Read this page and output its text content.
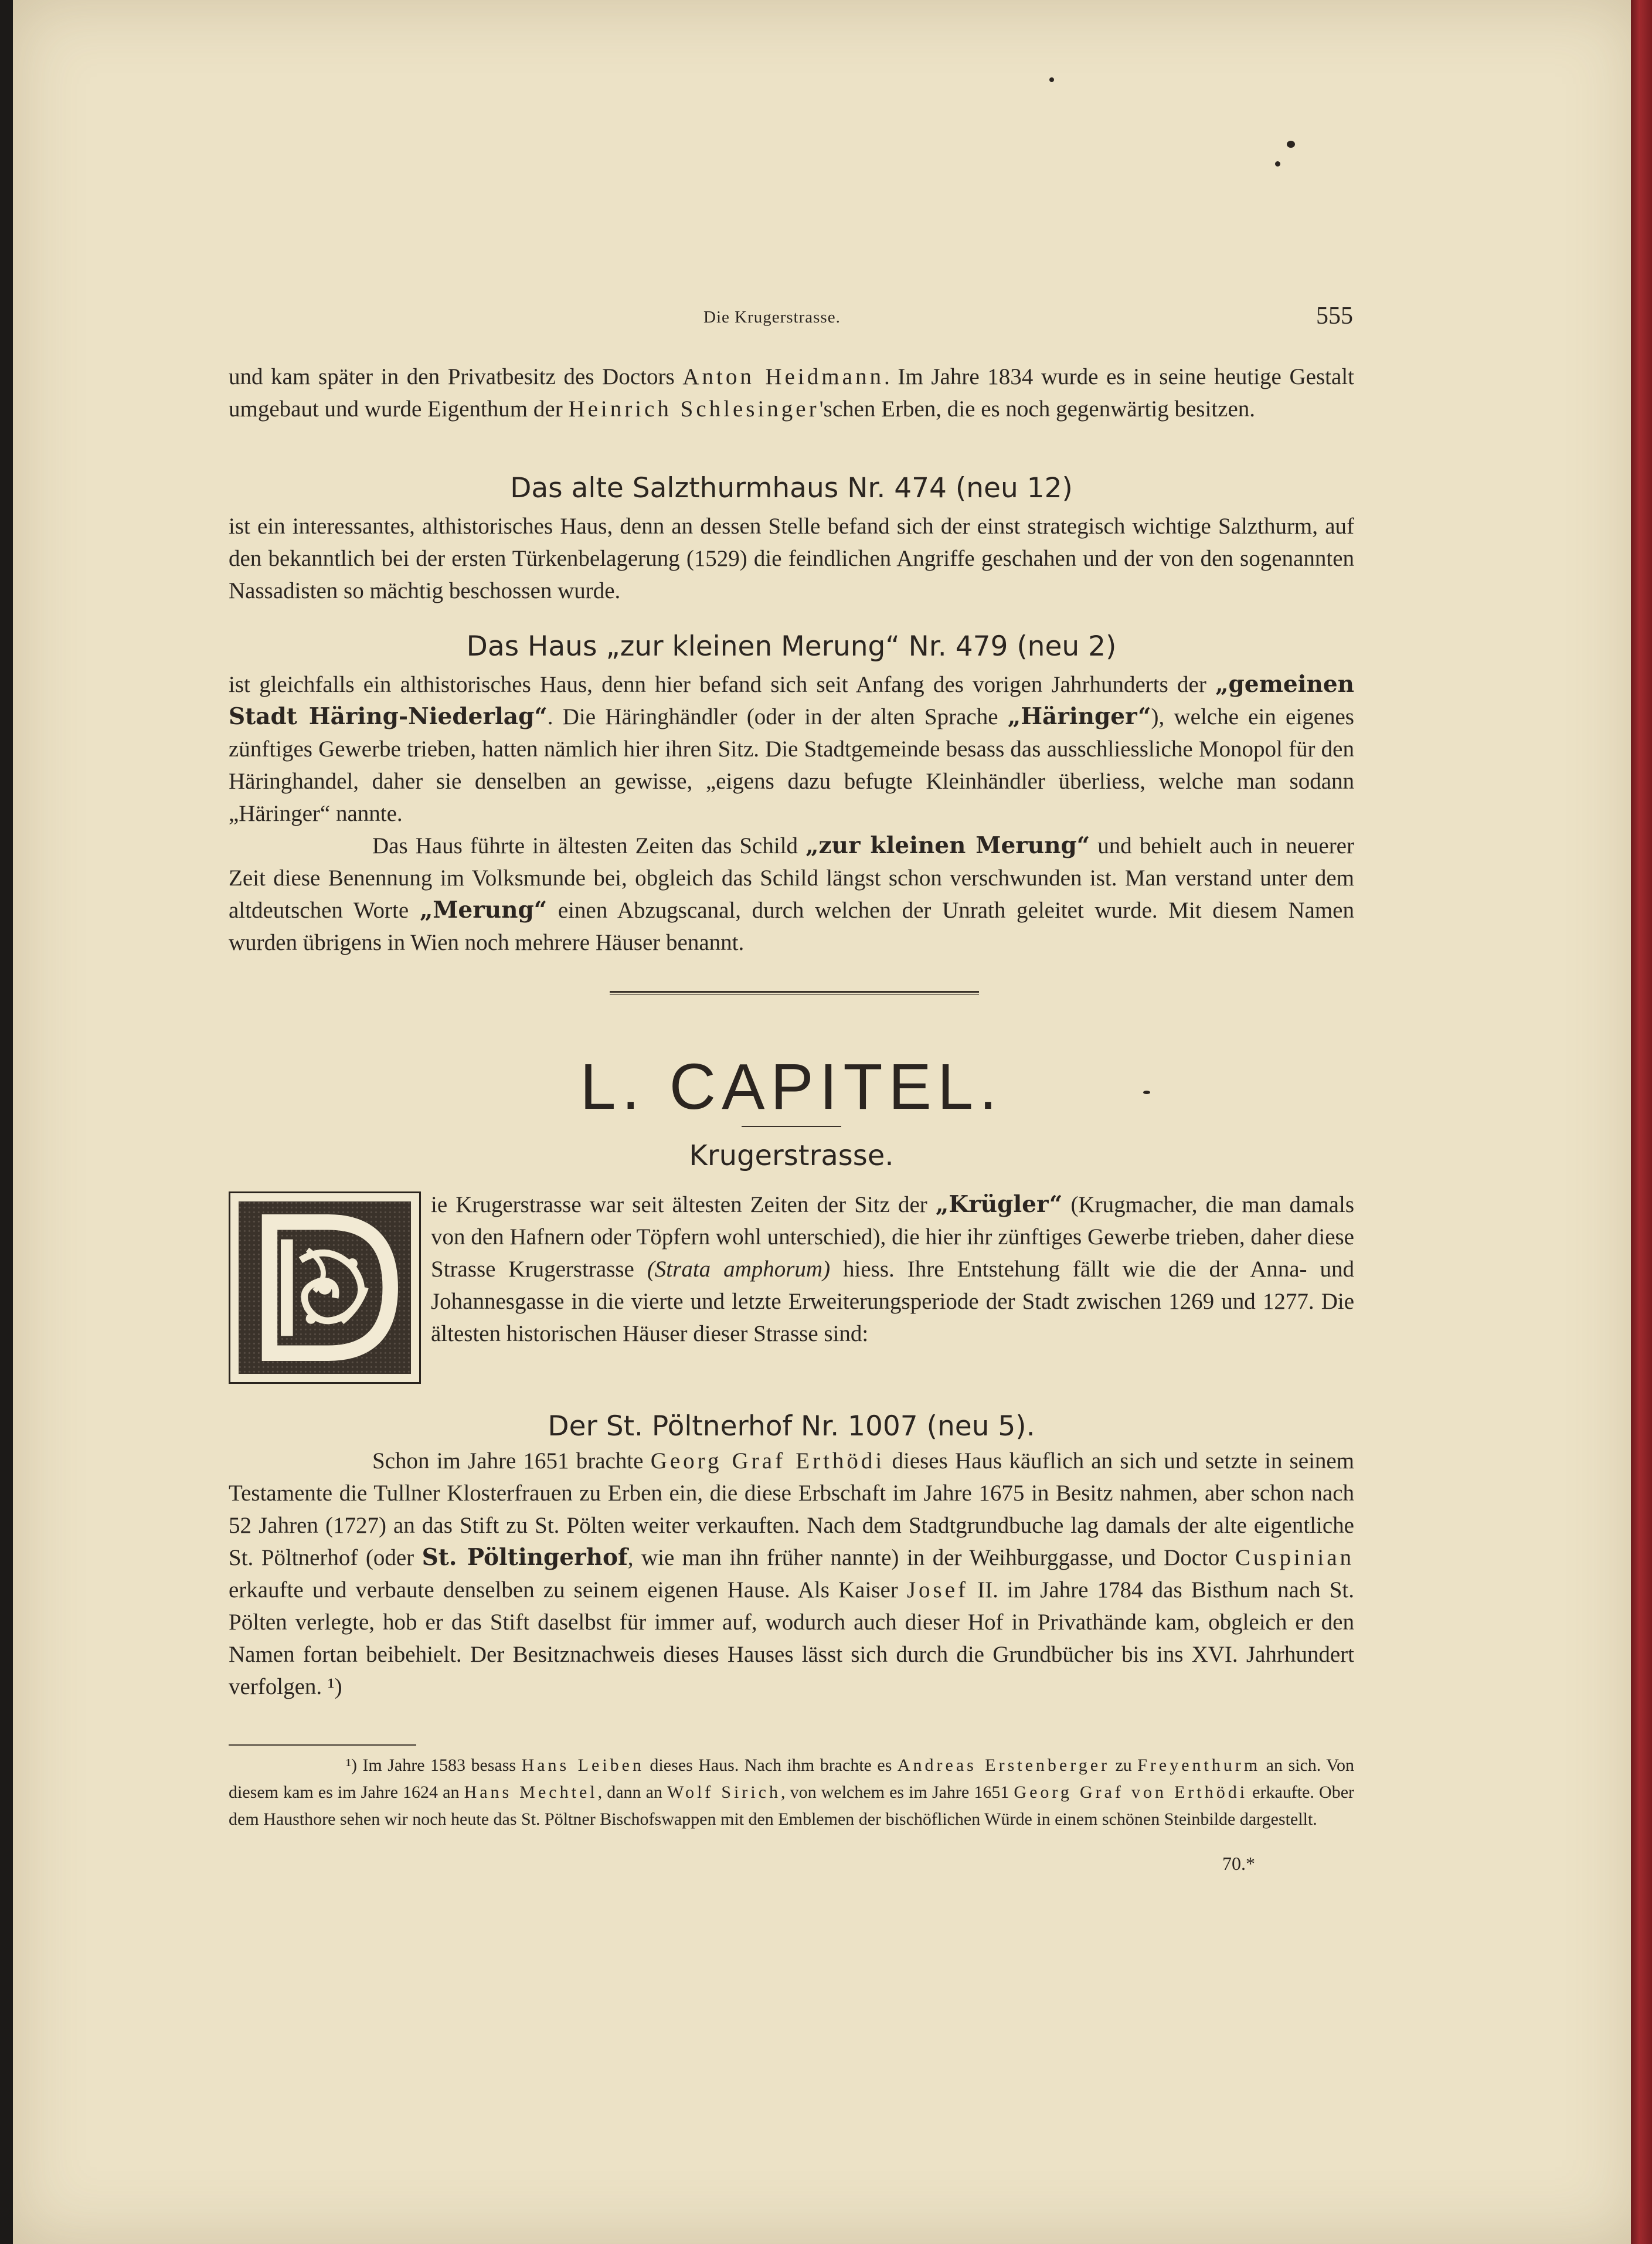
Die Krugerstrasse.	555

und kam später in den Privatbesitz des Doctors Anton Heidmann. Im Jahre 1834 wurde es in seine heutige Gestalt umgebaut und wurde Eigenthum der Heinrich Schlesinger'schen Erben, die es noch gegenwärtig besitzen.

Das alte Salzthurmhaus Nr. 474 (neu 12)

ist ein interessantes, althistorisches Haus, denn an dessen Stelle befand sich der einst strategisch wichtige Salzthurm, auf den bekanntlich bei der ersten Türkenbelagerung (1529) die feindlichen Angriffe geschahen und der von den sogenannten Nassadisten so mächtig beschossen wurde.

Das Haus „zur kleinen Merung“ Nr. 479 (neu 2)

ist gleichfalls ein althistorisches Haus, denn hier befand sich seit Anfang des vorigen Jahrhunderts der „gemeinen Stadt Häring-Niederlag“. Die Häringhändler (oder in der alten Sprache „Häringer“), welche ein eigenes zünftiges Gewerbe trieben, hatten nämlich hier ihren Sitz. Die Stadtgemeinde besass das ausschliessliche Monopol für den Häringhandel, daher sie denselben an gewisse, „eigens dazu befugte Kleinhändler überliess, welche man sodann „Häringer“ nannte.

Das Haus führte in ältesten Zeiten das Schild „zur kleinen Merung“ und behielt auch in neuerer Zeit diese Benennung im Volksmunde bei, obgleich das Schild längst schon verschwunden ist. Man verstand unter dem altdeutschen Worte „Merung“ einen Abzugscanal, durch welchen der Unrath geleitet wurde. Mit diesem Namen wurden übrigens in Wien noch mehrere Häuser benannt.

L. CAPITEL.
Krugerstrasse.

ie Krugerstrasse war seit ältesten Zeiten der Sitz der „Krügler“ (Krugmacher, die man damals von den Hafnern oder Töpfern wohl unterschied), die hier ihr zünftiges Gewerbe trieben, daher diese Strasse Krugerstrasse (Strata amphorum) hiess. Ihre Entstehung fällt wie die der Anna- und Johannesgasse in die vierte und letzte Erweiterungsperiode der Stadt zwischen 1269 und 1277. Die ältesten historischen Häuser dieser Strasse sind:

Der St. Pöltnerhof Nr. 1007 (neu 5).

Schon im Jahre 1651 brachte Georg Graf Erthödi dieses Haus käuflich an sich und setzte in seinem Testamente die Tullner Klosterfrauen zu Erben ein, die diese Erbschaft im Jahre 1675 in Besitz nahmen, aber schon nach 52 Jahren (1727) an das Stift zu St. Pölten weiter verkauften. Nach dem Stadtgrundbuche lag damals der alte eigentliche St. Pöltnerhof (oder St. Pöltingerhof, wie man ihn früher nannte) in der Weihburggasse, und Doctor Cuspinian erkaufte und verbaute denselben zu seinem eigenen Hause. Als Kaiser Josef II. im Jahre 1784 das Bisthum nach St. Pölten verlegte, hob er das Stift daselbst für immer auf, wodurch auch dieser Hof in Privathände kam, obgleich er den Namen fortan beibehielt. Der Besitznachweis dieses Hauses lässt sich durch die Grundbücher bis ins XVI. Jahrhundert verfolgen. ¹)

¹) Im Jahre 1583 besass Hans Leiben dieses Haus. Nach ihm brachte es Andreas Erstenberger zu Freyenthurm an sich. Von diesem kam es im Jahre 1624 an Hans Mechtel, dann an Wolf Sirich, von welchem es im Jahre 1651 Georg Graf von Erthödi erkaufte. Ober dem Hausthore sehen wir noch heute das St. Pöltner Bischofswappen mit den Emblemen der bischöflichen Würde in einem schönen Steinbilde dargestellt.

70.*
